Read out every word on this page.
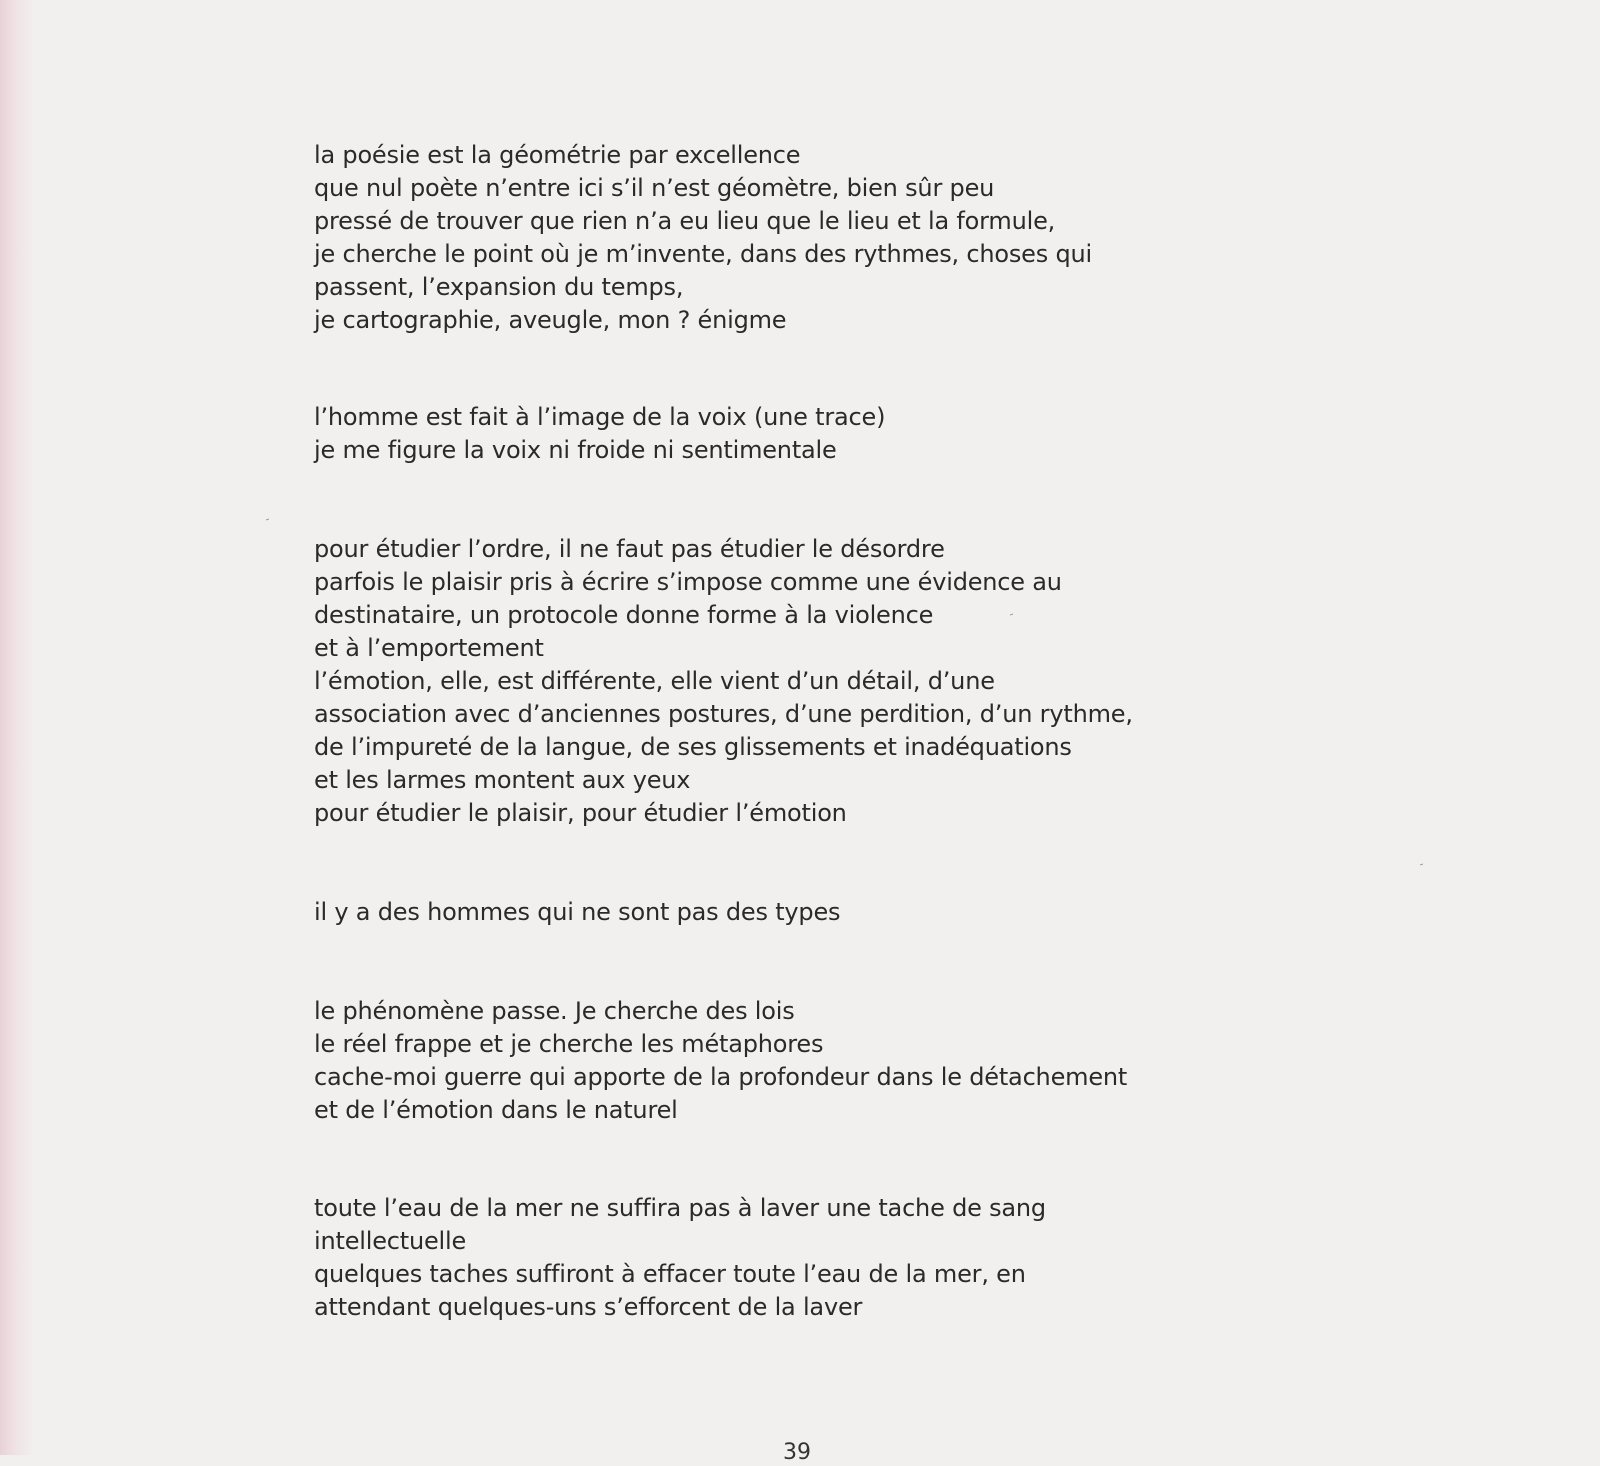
la poésie est la géométrie par excellence
que nul poète n’entre ici s’il n’est géomètre, bien sûr peu
pressé de trouver que rien n’a eu lieu que le lieu et la formule,
je cherche le point où je m’invente, dans des rythmes, choses qui
passent, l’expansion du temps,
je cartographie, aveugle, mon ? énigme
l’homme est fait à l’image de la voix (une trace)
je me figure la voix ni froide ni sentimentale
pour étudier l’ordre, il ne faut pas étudier le désordre
parfois le plaisir pris à écrire s’impose comme une évidence au
destinataire, un protocole donne forme à la violence
et à l’emportement
l’émotion, elle, est différente, elle vient d’un détail, d’une
association avec d’anciennes postures, d’une perdition, d’un rythme,
de l’impureté de la langue, de ses glissements et inadéquations
et les larmes montent aux yeux
pour étudier le plaisir, pour étudier l’émotion
il y a des hommes qui ne sont pas des types
le phénomène passe. Je cherche des lois
le réel frappe et je cherche les métaphores
cache-moi guerre qui apporte de la profondeur dans le détachement
et de l’émotion dans le naturel
toute l’eau de la mer ne suffira pas à laver une tache de sang
intellectuelle
quelques taches suffiront à effacer toute l’eau de la mer, en
attendant quelques-uns s’efforcent de la laver
39
